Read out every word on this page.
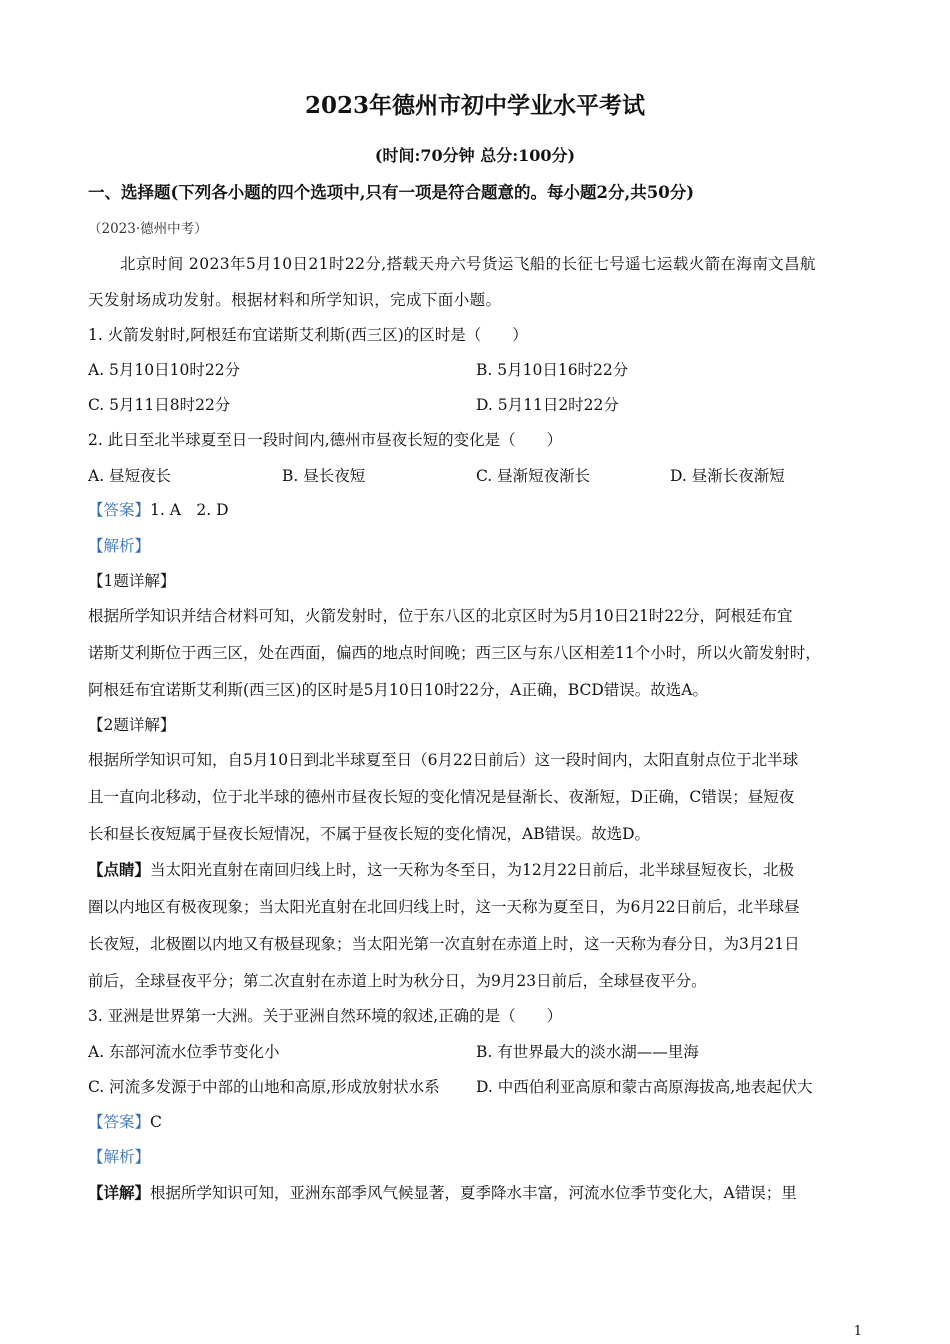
2023年德州市初中学业水平考试
(时间:70分钟 总分:100分)
一、选择题(下列各小题的四个选项中,只有一项是符合题意的。每小题2分,共50分)
（2023·德州中考）
北京时间 2023年5月10日21时22分,搭载天舟六号货运飞船的长征七号遥七运载火箭在海南文昌航
天发射场成功发射。根据材料和所学知识，完成下面小题。
1. 火箭发射时,阿根廷布宜诺斯艾利斯(西三区)的区时是（　　）
A. 5月10日10时22分	B. 5月10日16时22分
C. 5月11日8时22分	D. 5月11日2时22分
2. 此日至北半球夏至日一段时间内,德州市昼夜长短的变化是（　　）
A. 昼短夜长	B. 昼长夜短	C. 昼渐短夜渐长	D. 昼渐长夜渐短
【答案】1. A　2. D
【解析】
【1题详解】
根据所学知识并结合材料可知，火箭发射时，位于东八区的北京区时为5月10日21时22分，阿根廷布宜
诺斯艾利斯位于西三区，处在西面，偏西的地点时间晚；西三区与东八区相差11个小时，所以火箭发射时，
阿根廷布宜诺斯艾利斯(西三区)的区时是5月10日10时22分，A正确，BCD错误。故选A。
【2题详解】
根据所学知识可知，自5月10日到北半球夏至日（6月22日前后）这一段时间内，太阳直射点位于北半球
且一直向北移动，位于北半球的德州市昼夜长短的变化情况是昼渐长、夜渐短，D正确，C错误；昼短夜
长和昼长夜短属于昼夜长短情况，不属于昼夜长短的变化情况，AB错误。故选D。
【点睛】当太阳光直射在南回归线上时，这一天称为冬至日，为12月22日前后，北半球昼短夜长，北极
圈以内地区有极夜现象；当太阳光直射在北回归线上时，这一天称为夏至日，为6月22日前后，北半球昼
长夜短，北极圈以内地又有极昼现象；当太阳光第一次直射在赤道上时，这一天称为春分日，为3月21日
前后，全球昼夜平分；第二次直射在赤道上时为秋分日，为9月23日前后，全球昼夜平分。
3. 亚洲是世界第一大洲。关于亚洲自然环境的叙述,正确的是（　　）
A. 东部河流水位季节变化小	B. 有世界最大的淡水湖——里海
C. 河流多发源于中部的山地和高原,形成放射状水系 D. 中西伯利亚高原和蒙古高原海拔高,地表起伏大
【答案】C
【解析】
【详解】根据所学知识可知，亚洲东部季风气候显著，夏季降水丰富，河流水位季节变化大，A错误；里
1
